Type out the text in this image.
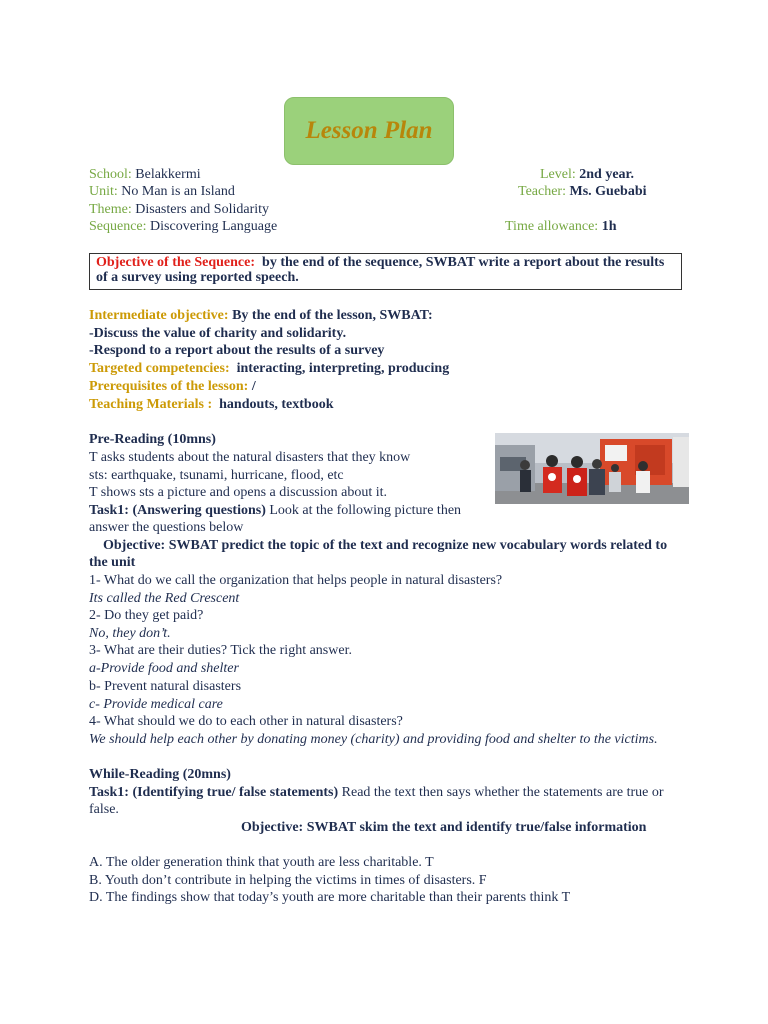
Lesson Plan
School: Belakkermi
Unit: No Man is an Island
Theme: Disasters and Solidarity
Sequence: Discovering Language
Level: 2nd year.
Teacher: Ms. Guebabi
Time allowance: 1h
Objective of the Sequence: by the end of the sequence, SWBAT write a report about the results
of a survey using reported speech.
Intermediate objective: By the end of the lesson, SWBAT:
-Discuss the value of charity and solidarity.
-Respond to a report about the results of a survey
Targeted competencies: interacting, interpreting, producing
Prerequisites of the lesson: /
Teaching Materials : handouts, textbook
Pre-Reading (10mns)
T asks students about the natural disasters that they know
sts: earthquake, tsunami, hurricane, flood, etc
T shows sts a picture and opens a discussion about it.
Task1: (Answering questions) Look at the following picture then
answer the questions below
Objective: SWBAT predict the topic of the text and recognize new vocabulary words related to
the unit
1- What do we call the organization that helps people in natural disasters?
Its called the Red Crescent
2- Do they get paid?
No, they don’t.
3- What are their duties? Tick the right answer.
a-Provide food and shelter
b- Prevent natural disasters
c- Provide medical care
4- What should we do to each other in natural disasters?
We should help each other by donating money (charity) and providing food and shelter to the victims.
While-Reading (20mns)
Task1: (Identifying true/ false statements) Read the text then says whether the statements are true or
false.
Objective: SWBAT skim the text and identify true/false information
A. The older generation think that youth are less charitable. T
B. Youth don’t contribute in helping the victims in times of disasters. F
D. The findings show that today’s youth are more charitable than their parents think T
